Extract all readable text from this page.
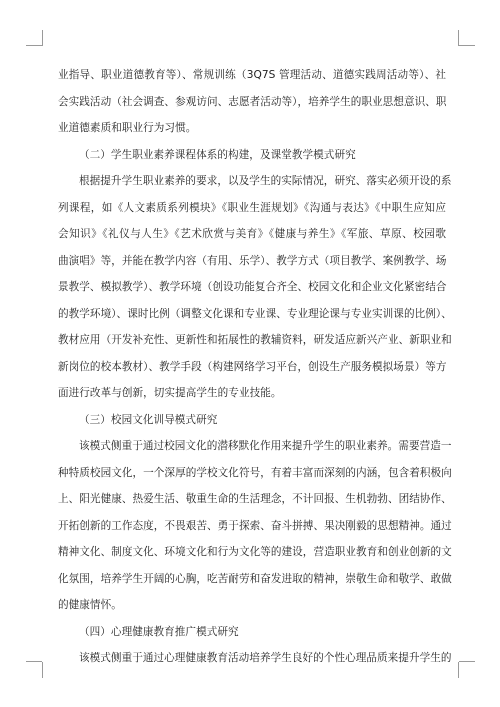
业指导、职业道德教育等）、常规训练（3Q7S 管理活动、道德实践周活动等）、社
会实践活动（社会调查、参观访问、志愿者活动等），培养学生的职业思想意识、职
业道德素质和职业行为习惯。
（二）学生职业素养课程体系的构建，及课堂教学模式研究
根据提升学生职业素养的要求，以及学生的实际情况，研究、落实必须开设的系
列课程，如《人文素质系列模块》《职业生涯规划》《沟通与表达》《中职生应知应
会知识》《礼仪与人生》《艺术欣赏与美育》《健康与养生》《军旅、草原、校园歌
曲演唱》等，并能在教学内容（有用、乐学）、教学方式（项目教学、案例教学、场
景教学、模拟教学）、教学环境（创设功能复合齐全、校园文化和企业文化紧密结合
的教学环境）、课时比例（调整文化课和专业课、专业理论课与专业实训课的比例）、
教材应用（开发补充性、更新性和拓展性的教辅资料，研发适应新兴产业、新职业和
新岗位的校本教材）、教学手段（构建网络学习平台，创设生产服务模拟场景）等方
面进行改革与创新，切实提高学生的专业技能。
（三）校园文化训导模式研究
该模式侧重于通过校园文化的潜移默化作用来提升学生的职业素养。需要营造一
种特质校园文化，一个深厚的学校文化符号，有着丰富而深刻的内涵，包含着积极向
上、阳光健康、热爱生活、敬重生命的生活理念，不计回报、生机勃勃、团结协作、
开拓创新的工作态度，不畏艰苦、勇于探索、奋斗拼搏、果决刚毅的思想精神。通过
精神文化、制度文化、环境文化和行为文化等的建设，营造职业教育和创业创新的文
化氛围，培养学生开阔的心胸，吃苦耐劳和奋发进取的精神，崇敬生命和敬学、敢做
的健康情怀。
（四）心理健康教育推广模式研究
该模式侧重于通过心理健康教育活动培养学生良好的个性心理品质来提升学生的
